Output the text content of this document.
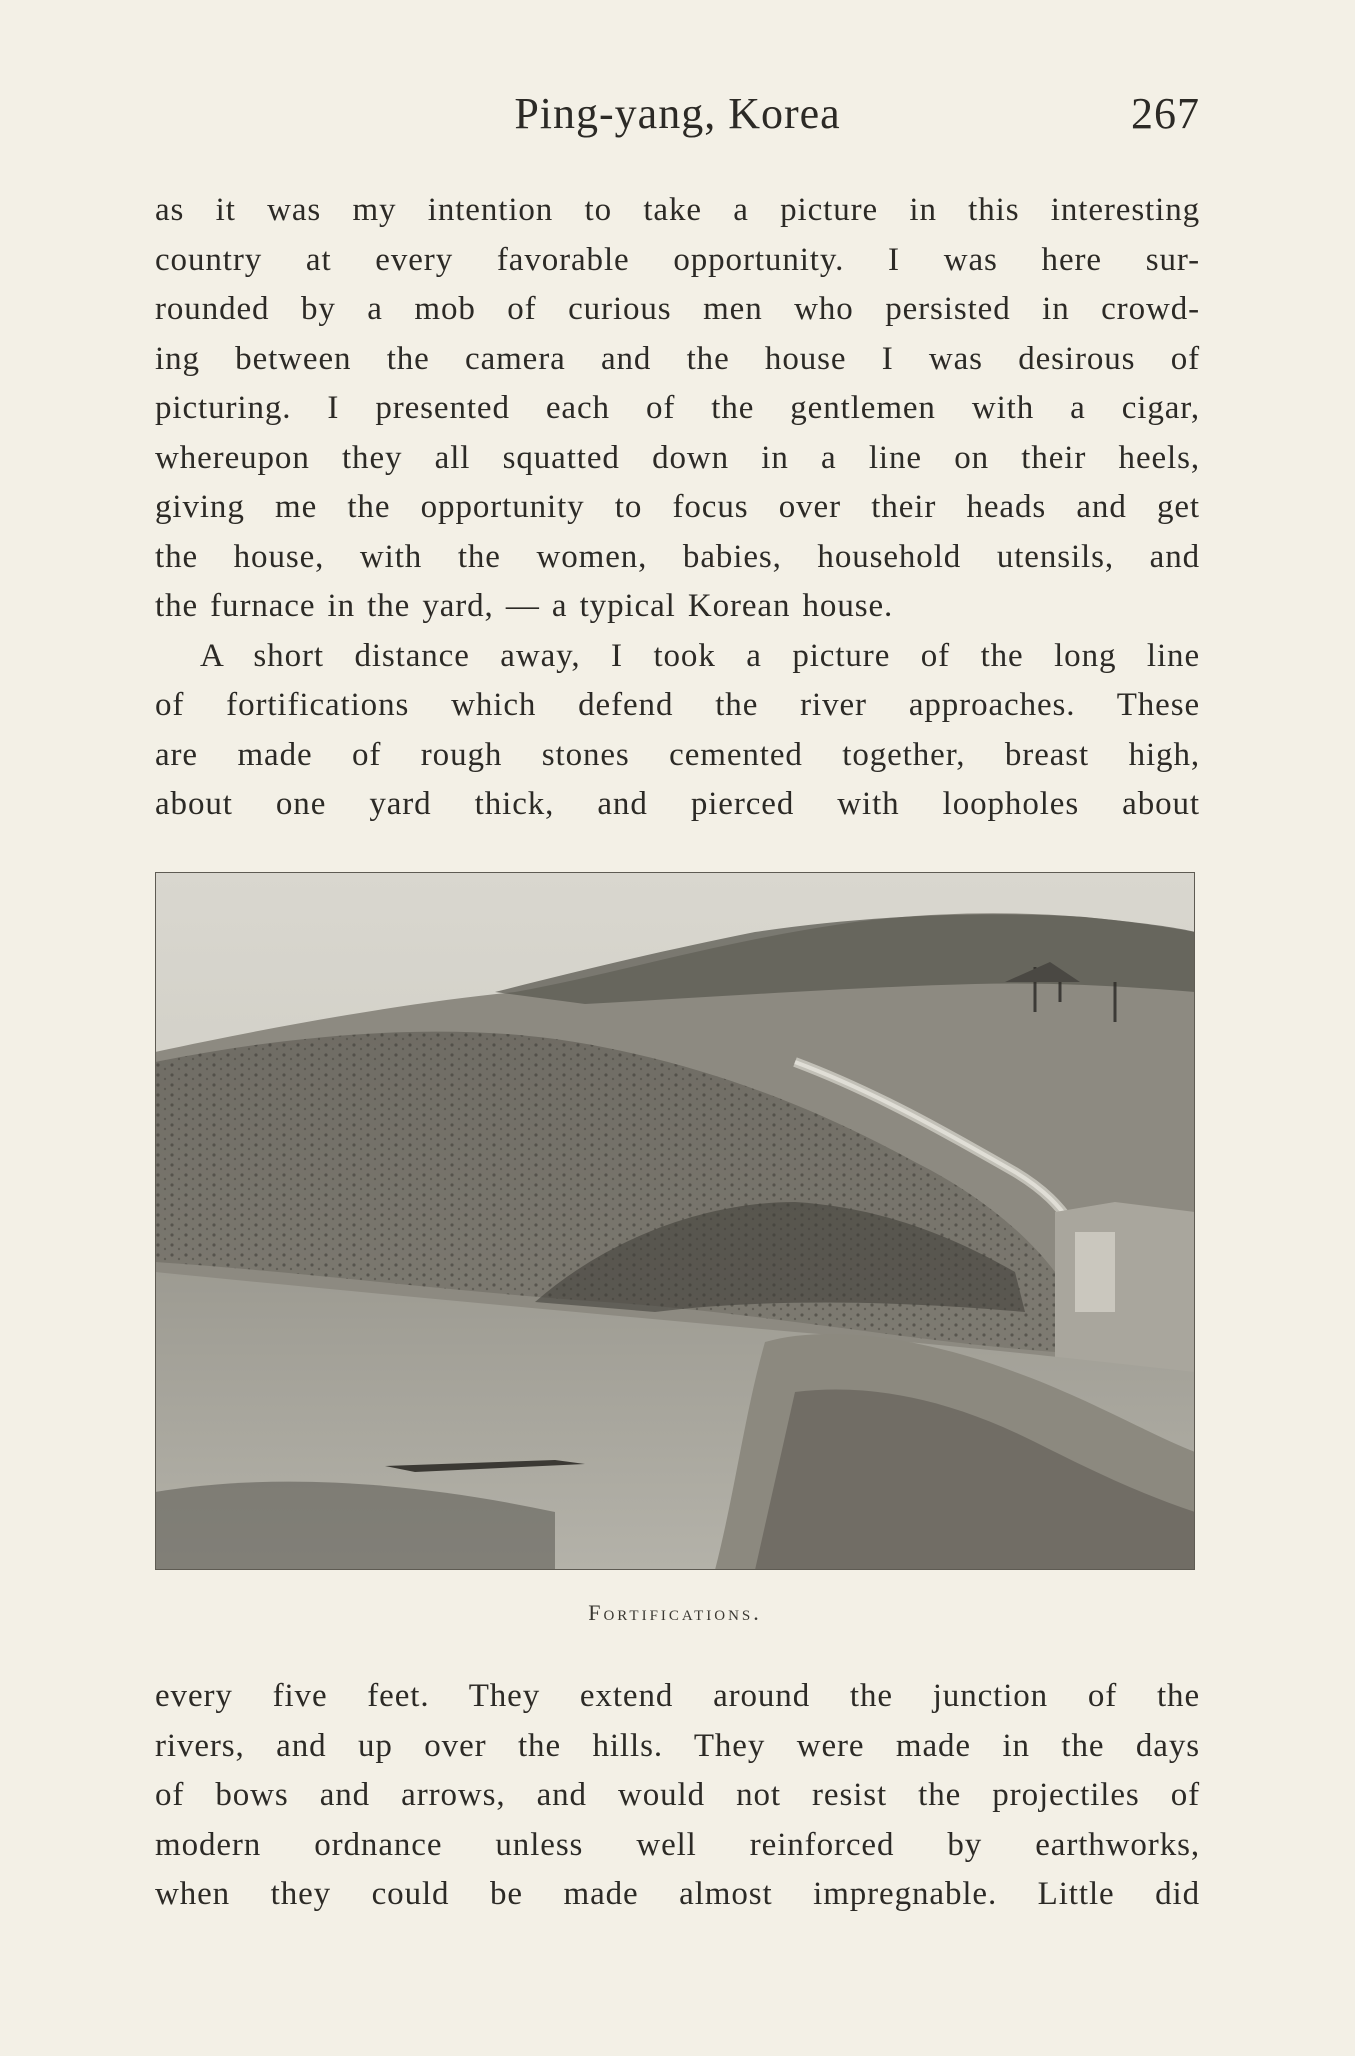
Ping-yang, Korea	267
as it was my intention to take a picture in this interesting
country at every favorable opportunity. I was here sur-
rounded by a mob of curious men who persisted in crowd-
ing between the camera and the house I was desirous of
picturing. I presented each of the gentlemen with a cigar,
whereupon they all squatted down in a line on their heels,
giving me the opportunity to focus over their heads and get
the house, with the women, babies, household utensils, and
the furnace in the yard, — a typical Korean house.
A short distance away, I took a picture of the long line
of fortifications which defend the river approaches. These
are made of rough stones cemented together, breast high,
about one yard thick, and pierced with loopholes about
Fortifications.
every five feet. They extend around the junction of the
rivers, and up over the hills. They were made in the days
of bows and arrows, and would not resist the projectiles of
modern ordnance unless well reinforced by earthworks,
when they could be made almost impregnable. Little did
